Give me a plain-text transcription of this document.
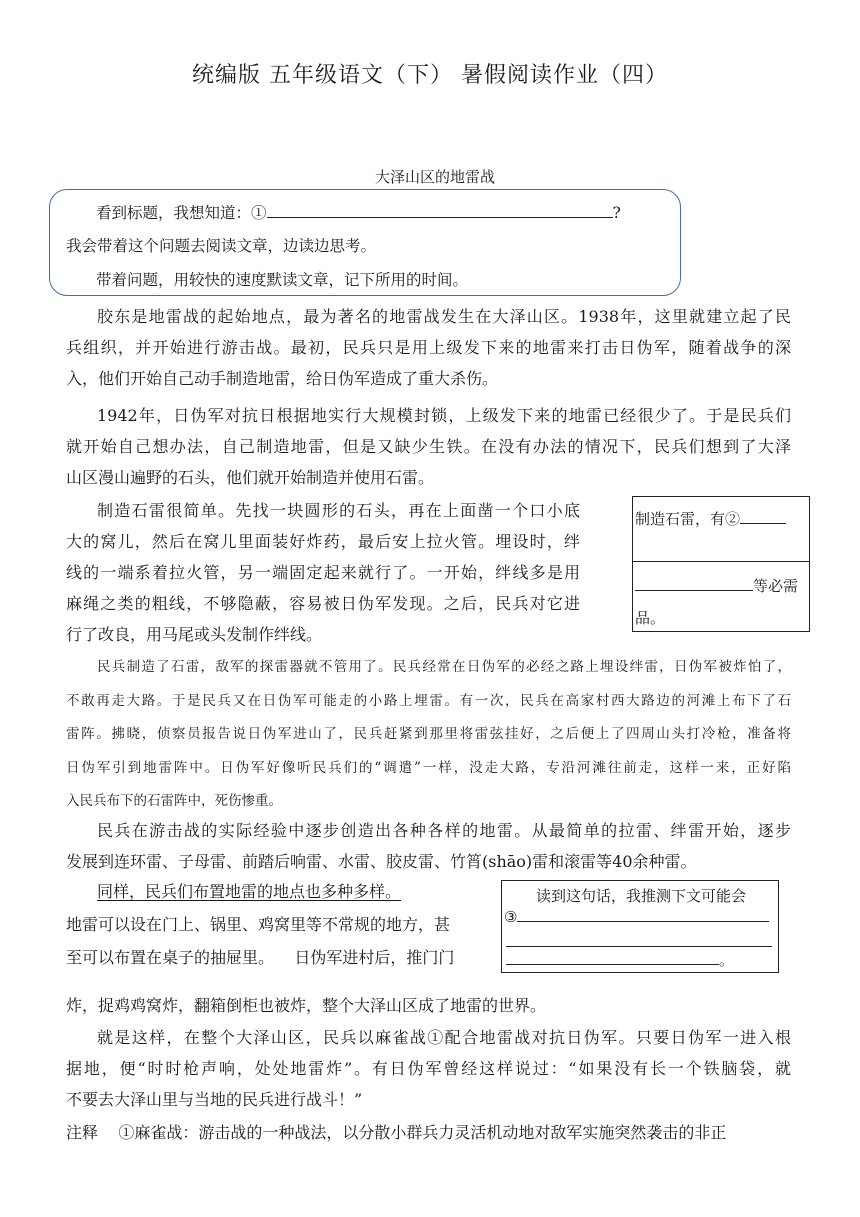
统编版 五年级语文（下） 暑假阅读作业（四）
大泽山区的地雷战
看到标题，我想知道：①	?
我会带着这个问题去阅读文章，边读边思考。
带着问题，用较快的速度默读文章，记下所用的时间。
胶东是地雷战的起始地点，最为著名的地雷战发生在大泽山区。1938年，这里就建立起了民
兵组织，并开始进行游击战。最初，民兵只是用上级发下来的地雷来打击日伪军，随着战争的深
入，他们开始自己动手制造地雷，给日伪军造成了重大杀伤。
1942年，日伪军对抗日根据地实行大规模封锁，上级发下来的地雷已经很少了。于是民兵们
就开始自己想办法，自己制造地雷，但是又缺少生铁。在没有办法的情况下，民兵们想到了大泽
山区漫山遍野的石头，他们就开始制造并使用石雷。
制造石雷很简单。先找一块圆形的石头，再在上面凿一个口小底
大的窝儿，然后在窝儿里面装好炸药，最后安上拉火管。埋设时，绊
线的一端系着拉火管，另一端固定起来就行了。一开始，绊线多是用
麻绳之类的粗线，不够隐蔽，容易被日伪军发现。之后，民兵对它进
行了改良，用马尾或头发制作绊线。
制造石雷，有②
等必需
品。
民兵制造了石雷，敌军的探雷器就不管用了。民兵经常在日伪军的必经之路上埋设绊雷，日伪军被炸怕了，
不敢再走大路。于是民兵又在日伪军可能走的小路上埋雷。有一次，民兵在高家村西大路边的河滩上布下了石
雷阵。拂晓，侦察员报告说日伪军进山了，民兵赶紧到那里将雷弦挂好，之后便上了四周山头打冷枪，准备将
日伪军引到地雷阵中。日伪军好像听民兵们的“调遣”一样，没走大路，专沿河滩往前走，这样一来，正好陷
入民兵布下的石雷阵中，死伤惨重。
民兵在游击战的实际经验中逐步创造出各种各样的地雷。从最简单的拉雷、绊雷开始，逐步
发展到连环雷、子母雷、前踏后响雷、水雷、胶皮雷、竹筲(shāo)雷和滚雷等40余种雷。
同样，民兵们布置地雷的地点也多种多样。
地雷可以设在门上、锅里、鸡窝里等不常规的地方，甚
至可以布置在桌子的抽屉里。    日伪军进村后，推门门
炸，捉鸡鸡窝炸，翻箱倒柜也被炸，整个大泽山区成了地雷的世界。
读到这句话，我推测下文可能会
③
。
就是这样，在整个大泽山区，民兵以麻雀战①配合地雷战对抗日伪军。只要日伪军一进入根
据地，便“时时枪声响，处处地雷炸”。有日伪军曾经这样说过：“如果没有长一个铁脑袋，就
不要去大泽山里与当地的民兵进行战斗！”
注释    ①麻雀战：游击战的一种战法，以分散小群兵力灵活机动地对敌军实施突然袭击的非正
